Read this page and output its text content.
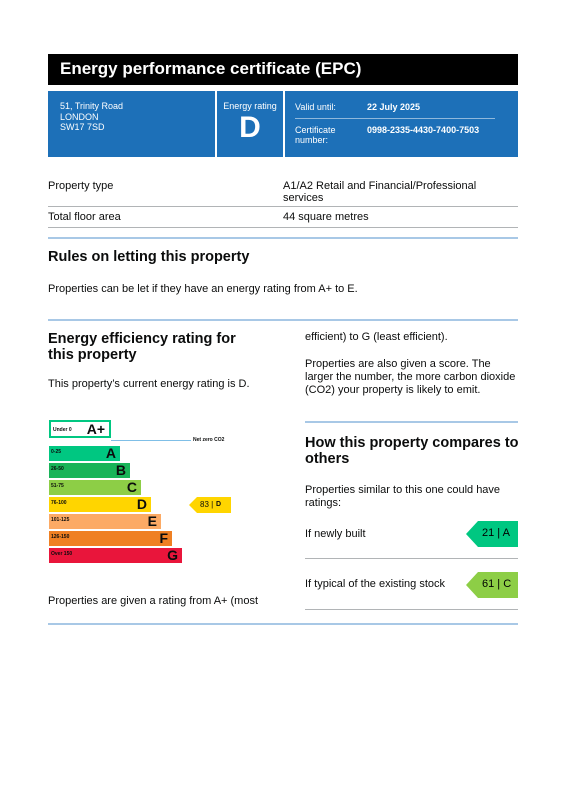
Energy performance certificate (EPC)
51, Trinity Road
LONDON
SW17 7SD
Energy rating
D
Valid until:	22 July 2025
Certificate
number:
0998-2335-4430-7400-7503
Property type	A1/A2 Retail and Financial/Professional
services
Total floor area	44 square metres
Rules on letting this property
Properties can be let if they have an energy rating from A+ to E.
Energy efficiency rating for
this property
This property’s current energy rating is D.
Under 0 A+
Net zero CO2
0-25	A
26-50	B
51-75	C
76-100	D
101-125	E
126-150	F
Over 150	G
83 | D
Properties are given a rating from A+ (most
efficient) to G (least efficient).
Properties are also given a score. The
larger the number, the more carbon dioxide
(CO2) your property is likely to emit.
How this property compares to
others
Properties similar to this one could have
ratings:
If newly built	21 | A
If typical of the existing stock	61 | C
